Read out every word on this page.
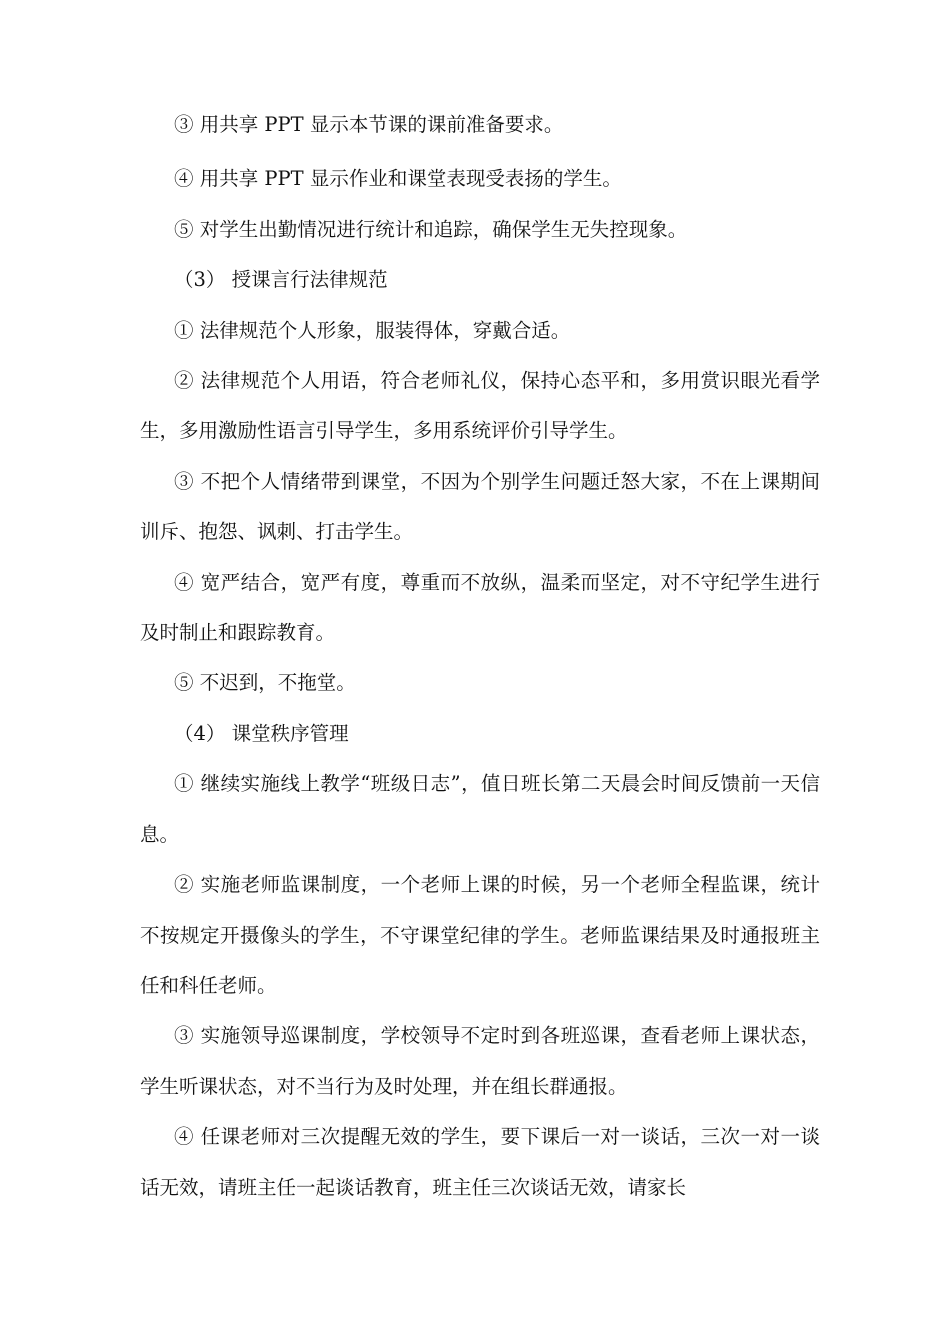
③ 用共享 PPT 显示本节课的课前准备要求。

④ 用共享 PPT 显示作业和课堂表现受表扬的学生。

⑤ 对学生出勤情况进行统计和追踪，确保学生无失控现象。

（3） 授课言行法律规范

① 法律规范个人形象，服装得体，穿戴合适。

② 法律规范个人用语，符合老师礼仪，保持心态平和，多用赏识眼光看学生，多用激励性语言引导学生，多用系统评价引导学生。

③ 不把个人情绪带到课堂，不因为个别学生问题迁怒大家，不在上课期间训斥、抱怨、讽刺、打击学生。

④ 宽严结合，宽严有度，尊重而不放纵，温柔而坚定，对不守纪学生进行及时制止和跟踪教育。

⑤ 不迟到，不拖堂。

（4） 课堂秩序管理

① 继续实施线上教学“班级日志”，值日班长第二天晨会时间反馈前一天信息。

② 实施老师监课制度，一个老师上课的时候，另一个老师全程监课，统计不按规定开摄像头的学生，不守课堂纪律的学生。老师监课结果及时通报班主任和科任老师。

③ 实施领导巡课制度，学校领导不定时到各班巡课，查看老师上课状态，学生听课状态，对不当行为及时处理，并在组长群通报。

④ 任课老师对三次提醒无效的学生，要下课后一对一谈话，三次一对一谈话无效，请班主任一起谈话教育，班主任三次谈话无效，请家长
